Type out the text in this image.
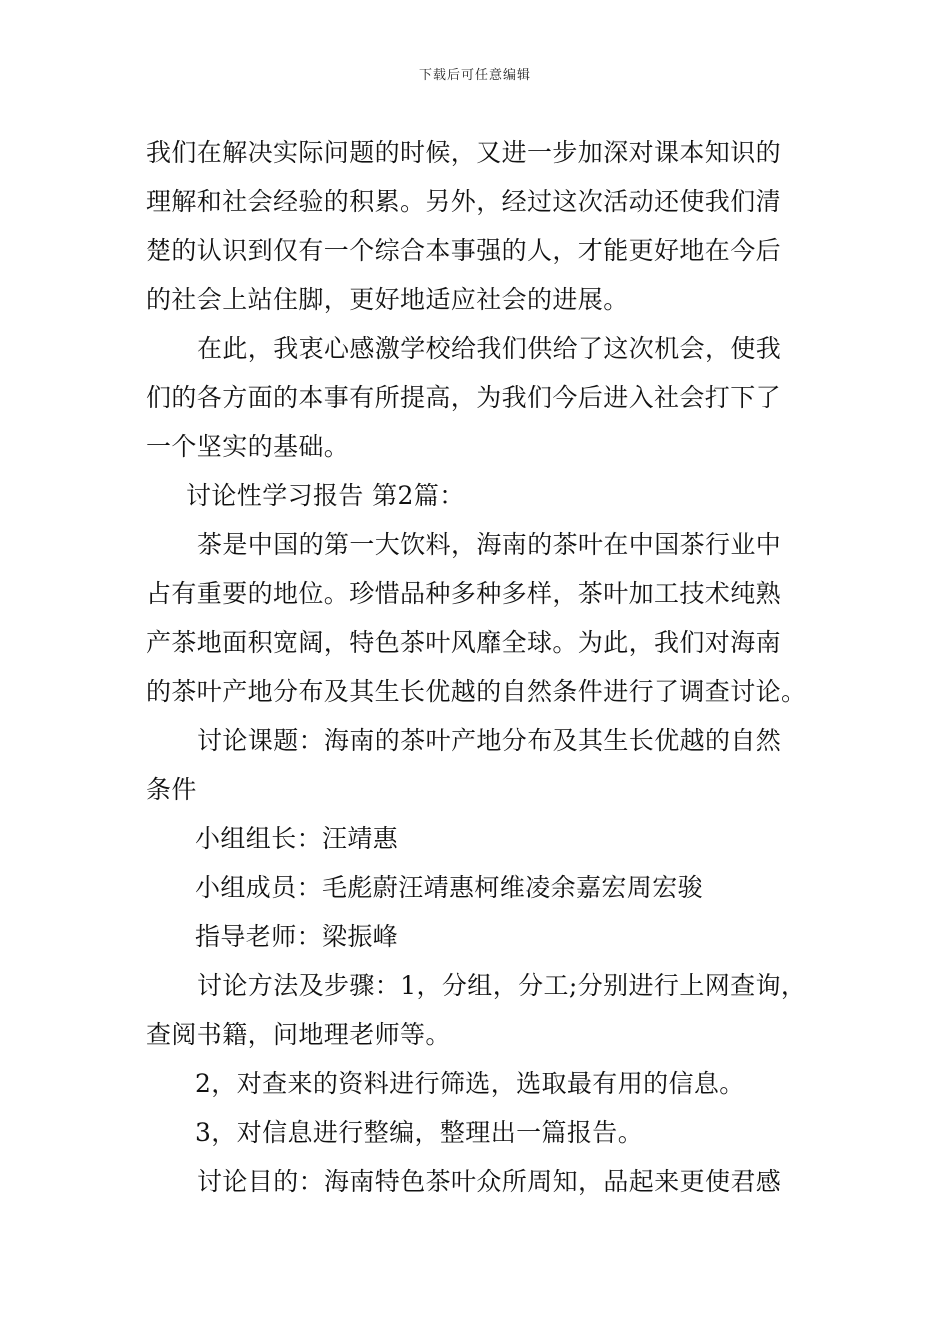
下载后可任意编辑
我们在解决实际问题的时候，又进一步加深对课本知识的
理解和社会经验的积累。另外，经过这次活动还使我们清
楚的认识到仅有一个综合本事强的人，才能更好地在今后
的社会上站住脚，更好地适应社会的进展。
在此，我衷心感激学校给我们供给了这次机会，使我
们的各方面的本事有所提高，为我们今后进入社会打下了
一个坚实的基础。
讨论性学习报告 第2篇：
茶是中国的第一大饮料，海南的茶叶在中国茶行业中
占有重要的地位。珍惜品种多种多样，茶叶加工技术纯熟
产茶地面积宽阔，特色茶叶风靡全球。为此，我们对海南
的茶叶产地分布及其生长优越的自然条件进行了调查讨论。
讨论课题：海南的茶叶产地分布及其生长优越的自然
条件
小组组长：汪靖惠
小组成员：毛彪蔚汪靖惠柯维凌余嘉宏周宏骏
指导老师：梁振峰
讨论方法及步骤：1，分组，分工;分别进行上网查询，
查阅书籍，问地理老师等。
2，对查来的资料进行筛选，选取最有用的信息。
3，对信息进行整编，整理出一篇报告。
讨论目的：海南特色茶叶众所周知，品起来更使君感
